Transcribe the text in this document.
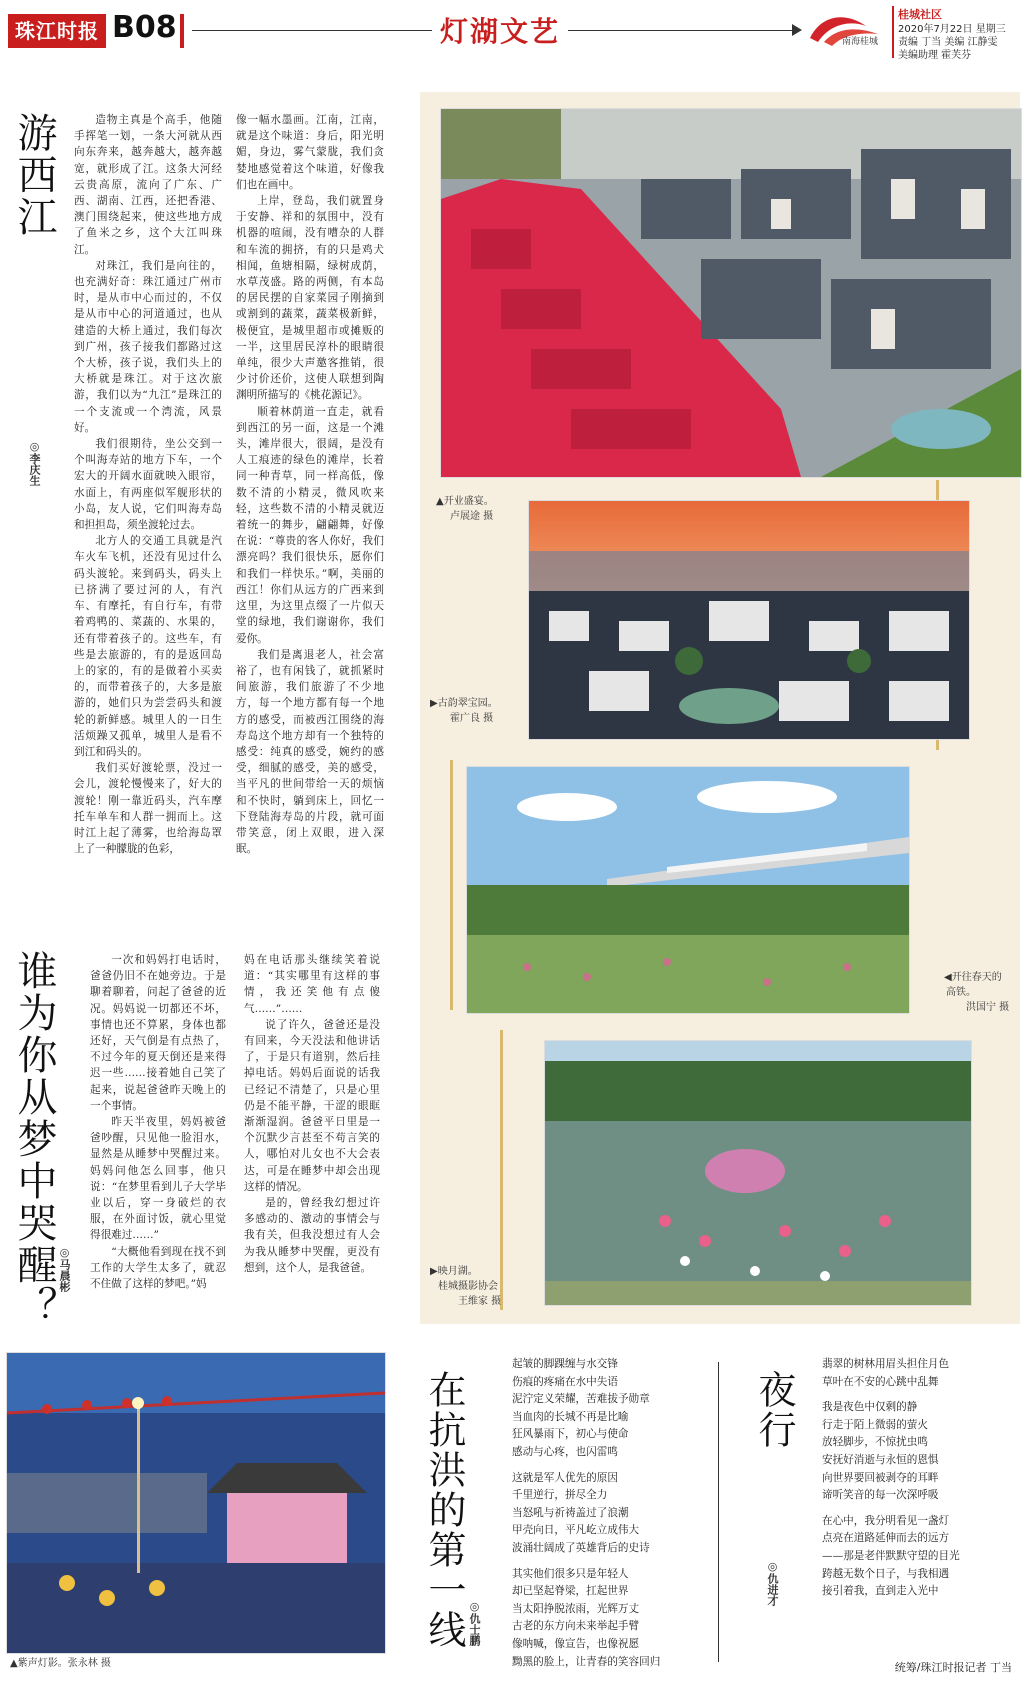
珠江时报 B08	灯湖文艺	南海桂城
桂城社区
2020年7月22日 星期三
责编 丁当 美编 江静雯
美编助理 霍芙芬
游西江
◎李庆生

造物主真是个高手，他随手挥笔一划，一条大河就从西向东奔来，越奔越大，越奔越宽，就形成了江。这条大河经云贵高原，流向了广东、广西、湖南、江西，还把香港、澳门围绕起来，使这些地方成了鱼米之乡，这个大江叫珠江。

对珠江，我们是向往的，也充满好奇：珠江通过广州市时，是从市中心而过的，不仅是从市中心的河道通过，也从建造的大桥上通过，我们每次到广州，孩子接我们都路过这个大桥，孩子说，我们头上的大桥就是珠江。对于这次旅游，我们以为“九江”是珠江的一个支流或一个湾流，风景好。

我们很期待，坐公交到一个叫海寿站的地方下车，一个宏大的开阔水面就映入眼帘，水面上，有两座似军舰形状的小岛，友人说，它们叫海寿岛和担担岛，须坐渡轮过去。

北方人的交通工具就是汽车火车飞机，还没有见过什么码头渡轮。来到码头，码头上已挤满了要过河的人，有汽车、有摩托，有自行车，有带着鸡鸭的、菜蔬的、水果的，还有带着孩子的。这些车，有些是去旅游的，有的是返回岛上的家的，有的是做着小买卖的，而带着孩子的，大多是旅游的，她们只为尝尝码头和渡轮的新鲜感。城里人的一日生活烦躁又孤单，城里人是看不到江和码头的。

我们买好渡轮票，没过一会儿，渡轮慢慢来了，好大的渡轮！刚一靠近码头，汽车摩托车单车和人群一拥而上。这时江上起了薄雾，也给海岛罩上了一种朦胧的色彩，

像一幅水墨画。江南，江南，就是这个味道：身后，阳光明媚，身边，雾气蒙胧，我们贪婪地感觉着这个味道，好像我们也在画中。

上岸，登岛，我们就置身于安静、祥和的氛围中，没有机器的喧闹，没有嘈杂的人群和车流的拥挤，有的只是鸡犬相闻，鱼塘相隔，绿树成荫，水草茂盛。路的两侧，有本岛的居民摆的自家菜园子刚摘到或割到的蔬菜，蔬菜极新鲜，极便宜，是城里超市或摊贩的一半，这里居民淳朴的眼睛很单纯，很少大声邀客推销，很少讨价还价，这使人联想到陶渊明所描写的《桃花源记》。

顺着林荫道一直走，就看到西江的另一面，这是一个滩头，滩岸很大，很阔，是没有人工痕迹的绿色的滩岸，长着同一种青草，同一样高低，像数不清的小精灵，微风吹来轻，这些数不清的小精灵就迈着统一的舞步，翩翩舞，好像在说：“尊贵的客人你好，我们漂亮吗？我们很快乐，愿你们和我们一样快乐。”啊，美丽的西江！你们从远方的广西来到这里，为这里点缀了一片似天堂的绿地，我们谢谢你，我们爱你。

我们是离退老人，社会富裕了，也有闲钱了，就抓紧时间旅游，我们旅游了不少地方，每一个地方都有每一个地方的感受，而被西江围绕的海寿岛这个地方却有一个独特的感受：纯真的感受，婉约的感受，细腻的感受，美的感受，当平凡的世间带给一天的烦恼和不快时，躺到床上，回忆一下登陆海寿岛的片段，就可面带笑意，闭上双眼，进入深眠。

谁为你从梦中哭醒？ ◎马晨彬

一次和妈妈打电话时，爸爸仍旧不在她旁边。于是聊着聊着，问起了爸爸的近况。妈妈说一切都还不坏，事情也还不算累，身体也都还好，天气倒是有点热了，不过今年的夏天倒还是来得迟一些……接着她自己笑了起来，说起爸爸昨天晚上的一个事情。

昨天半夜里，妈妈被爸爸吵醒，只见他一脸泪水，显然是从睡梦中哭醒过来。妈妈问他怎么回事，他只说：“在梦里看到儿子大学毕业以后，穿一身破烂的衣服，在外面讨饭，就心里觉得很难过……”

“大概他看到现在找不到工作的大学生太多了，就忍不住做了这样的梦吧。”妈

妈在电话那头继续笑着说道：“其实哪里有这样的事情，我还笑他有点傻气……”……

说了许久，爸爸还是没有回来，今天没法和他讲话了，于是只有道别，然后挂掉电话。妈妈后面说的话我已经记不清楚了，只是心里仍是不能平静，干涩的眼眶渐渐湿润。爸爸平日里是一个沉默少言甚至不苟言笑的人，哪怕对儿女也不大会表达，可是在睡梦中却会出现这样的情况。

是的，曾经我幻想过许多感动的、激动的事情会与我有关，但我没想过有人会为我从睡梦中哭醒，更没有想到，这个人，是我爸爸。

▲开业盛宴。
卢展途 摄
▶古韵翠宝园。
霍广良 摄
◀开往春天的
高铁。
洪国宁 摄
▶映月湖。
桂城摄影协会
王维家 摄
▲紫声灯影。张永林 摄
在抗洪的第一线 ◎仇士鹏
起皱的脚踝缠与水交锋
伤痕的疼痛在水中失语
泥泞定义荣耀，苦难拔予勋章
当血肉的长城不再是比喻
狂风暴雨下，初心与使命
感动与心疼，也闪雷鸣
这就是军人优先的原因
千里逆行，拼尽全力
当怒吼与祈祷盖过了浪潮
甲壳向日，平凡屹立成伟大
波涌壮阔成了英雄背后的史诗
其实他们很多只是年轻人
却已坚起脊梁，扛起世界
当太阳挣脱浓雨，光辉万丈
古老的东方向未来举起手臂
像呐喊，像宣告，也像祝愿
黝黑的脸上，让青春的笑容回归
夜行
◎仇进才
翡翠的树林用眉头担住月色
草叶在不安的心跳中乱舞
我是夜色中仅剩的静
行走于陌上微弱的萤火
放轻脚步，不惊扰虫鸣
安抚好消逝与永恒的恩惧
向世界要回被剥夺的耳畔
谛听笑音的每一次深呼吸
在心中，我分明看见一盏灯
点亮在道路延伸而去的远方
——那是老伴默默守望的目光
跨越无数个日子，与我相遇
接引着我，直到走入光中
统筹/珠江时报记者 丁当
